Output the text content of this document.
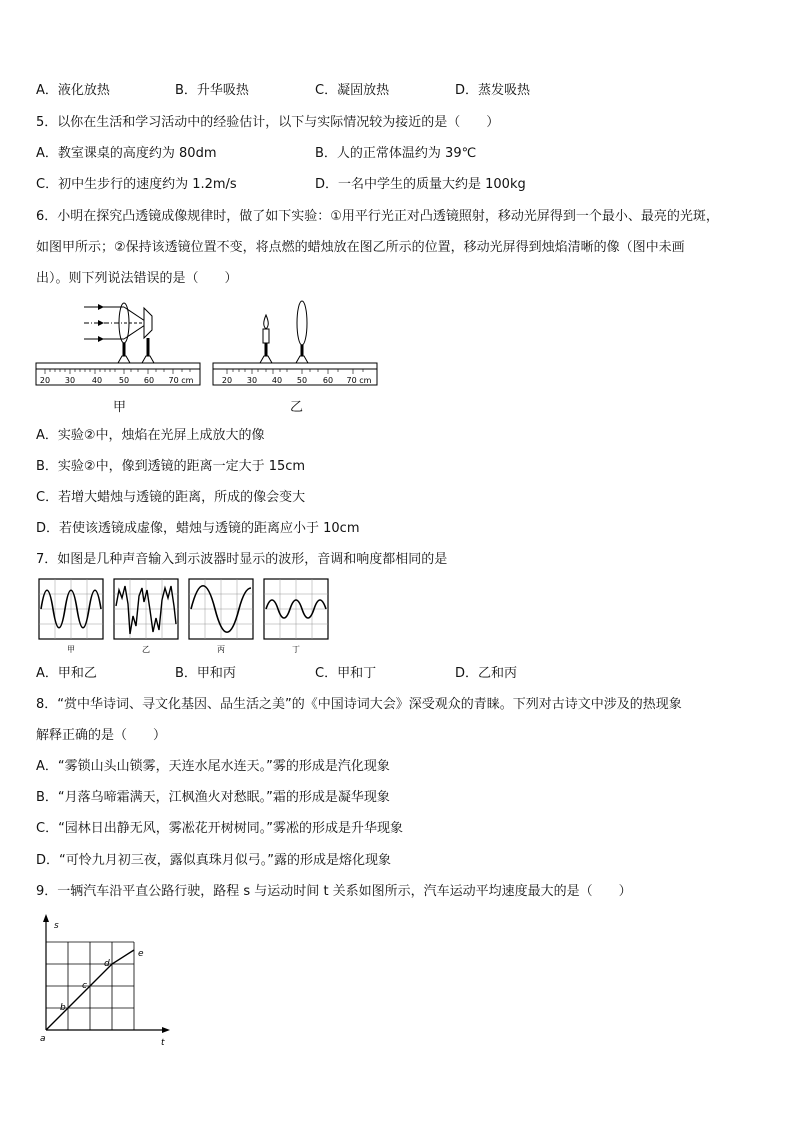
A．液化放热	B．升华吸热	C．凝固放热	D．蒸发吸热
5．以你在生活和学习活动中的经验估计，以下与实际情况较为接近的是（　　）
A．教室课桌的高度约为 80dm	B．人的正常体温约为 39℃
C．初中生步行的速度约为 1.2m/s	D．一名中学生的质量大约是 100kg
6．小明在探究凸透镜成像规律时，做了如下实验：①用平行光正对凸透镜照射，移动光屏得到一个最小、最亮的光斑，
如图甲所示；②保持该透镜位置不变，将点燃的蜡烛放在图乙所示的位置，移动光屏得到烛焰清晰的像（图中未画
出）。则下列说法错误的是（　　）
20 30 40 50 60 70 cm
甲
20 30 40 50 60 70 cm
乙
A．实验②中，烛焰在光屏上成放大的像
B．实验②中，像到透镜的距离一定大于 15cm
C．若增大蜡烛与透镜的距离，所成的像会变大
D．若使该透镜成虚像，蜡烛与透镜的距离应小于 10cm
7．如图是几种声音输入到示波器时显示的波形，音调和响度都相同的是
甲	乙	丙	丁
A．甲和乙	B．甲和丙	C．甲和丁	D．乙和丙
8．“赏中华诗词、寻文化基因、品生活之美”的《中国诗词大会》深受观众的青睐。下列对古诗文中涉及的热现象
解释正确的是（　　）
A．“雾锁山头山锁雾，天连水尾水连天。”雾的形成是汽化现象
B．“月落乌啼霜满天，江枫渔火对愁眠。”霜的形成是凝华现象
C．“园林日出静无风，雾凇花开树树同。”雾凇的形成是升华现象
D．“可怜九月初三夜，露似真珠月似弓。”露的形成是熔化现象
9．一辆汽车沿平直公路行驶，路程 s 与运动时间 t 关系如图所示，汽车运动平均速度最大的是（　　）
s
t
a
b
c
d
e
